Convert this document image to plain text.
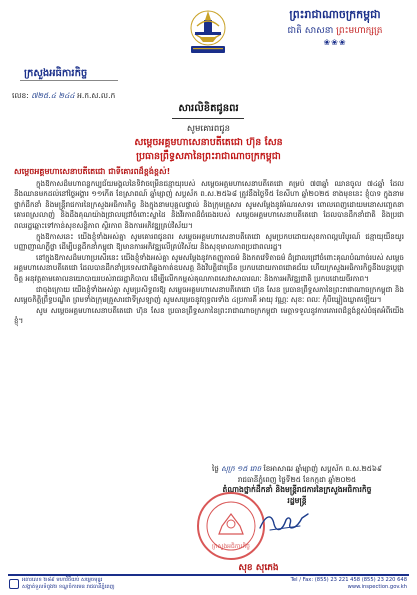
ព្រះរាជាណាចក្រកម្ពុជា
ជាតិ សាសនា ព្រះមហាក្សត្រ
❀❀❀
ក្រសួងអធិការកិច្ច
លេខ: ៧២៥.៤ ២៤៤ អ.ក.ស.ល.ក
សារលិខិតជូនពរ
សូមគោរពជូន
សម្តេចអគ្គមហាសេនាបតីតេជោ ហ៊ុន សែន
ប្រធានព្រឹទ្ធសភានៃព្រះរាជាណាចក្រកម្ពុជា

សម្តេចអគ្គមហាសេនាបតីតេជោ ជាទីគោរពដ៏ខ្ពង់ខ្ពស់!

ក្នុងឱកាសដ៏មហាពន្លកប្បជ័យមង្គលនៃទិវាចម្រើនជន្មាយុរបស់ សម្តេចអគ្គមហាសេនាបតីតេជោ គម្រប់ ៧៣ឆ្នាំ ឈានចូល ៧៤ឆ្នាំ ដែលនឹងឈានមកដល់នៅថ្ងៃអង្គារ ១១កើត ខែស្រាពណ៍ ឆ្នាំម្សាញ់ សប្តស័ក ព.ស.២៥៦៨ ត្រូវនឹងថ្ងៃទី៥ ខែសីហា ឆ្នាំ២០២៥ ខាងមុខនេះ ខ្ញុំបាទ ក្នុងនាមថ្នាក់ដឹកនាំ និងមន្ត្រីរាជការនៃក្រសួងអធិការកិច្ច និងក្នុងនាមបុគ្គលផ្ទាល់ និងក្រុមគ្រួសារ សូមសម្តែងនូវអំណរសាទរ ពោលពេញដោយមនោសញ្ចេតនាគោរពស្រលាញ់ និងដឹងគុណយ៉ាងជ្រាលជ្រៅចំពោះស្នាដៃ និងវីរភាពដ៏ធំធេងរបស់ សម្តេចអគ្គមហាសេនាបតីតេជោ ដែលបានដឹកនាំជាតិ និងប្រជាពលរដ្ឋឆ្ពោះទៅកាន់សុខសន្តិភាព ស្ថិរភាព និងការអភិវឌ្ឍគ្រប់វិស័យ។

ក្នុងឱកាសនេះ យើងខ្ញុំទាំងអស់គ្នា សូមគោរពជូនពរ សម្តេចអគ្គមហាសេនាបតីតេជោ សូមប្រកបដោយសុខភាពល្អបរិបូរណ៍ ជន្មាយុយឺនយូរ បញ្ញាញាណភ្លឺថ្លា ដើម្បីបន្តដឹកនាំកម្ពុជា ឱ្យមានការអភិវឌ្ឍលើគ្រប់វិស័យ និងសុខុមាលភាពប្រជាពលរដ្ឋ។

នៅក្នុងឱកាសដ៏មហាប្រសើរនេះ យើងខ្ញុំទាំងអស់គ្នា សូមសម្តែងនូវកតញ្ញូតាធម៌ និងកតវេទិតាធម៌ ដ៏ជ្រាលជ្រៅចំពោះគុណបំណាច់របស់ សម្តេចអគ្គមហាសេនាបតីតេជោ ដែលបានដឹកនាំប្រទេសជាតិឆ្លងកាត់ឧបសគ្គ និងវិបត្តិជាច្រើន ប្រកបដោយភាពជោគជ័យ ហើយក្រសួងអធិការកិច្ចនឹងបន្តប្តេជ្ញាចិត្ត អនុវត្តតាមគោលនយោបាយរបស់រាជរដ្ឋាភិបាល ដើម្បីលើកកម្ពស់គុណភាពសេវាសាធារណៈ និងការអភិវឌ្ឍជាតិ ប្រកបដោយចីរភាព។

ជាចុងក្រោយ យើងខ្ញុំទាំងអស់គ្នា សូមប្រសិទ្ធពរឱ្យ សម្តេចអគ្គមហាសេនាបតីតេជោ ហ៊ុន សែន ប្រធានព្រឹទ្ធសភានៃព្រះរាជាណាចក្រកម្ពុជា និងសម្តេចកិត្តិព្រឹទ្ធបណ្ឌិត ព្រមទាំងក្រុមគ្រួសារជាទីស្រឡាញ់ សូមសម្រេចនូវពុទ្ធពរទាំង ៤ប្រការគឺ អាយុ វណ្ណៈ សុខៈ ពលៈ កុំបីឃ្លៀងឃ្លាតឡើយ។

សូម សម្តេចអគ្គមហាសេនាបតីតេជោ ហ៊ុន សែន ប្រធានព្រឹទ្ធសភានៃព្រះរាជាណាចក្រកម្ពុជា មេត្តាទទួលនូវការគោរពដ៏ខ្ពង់ខ្ពស់បំផុតអំពីយើងខ្ញុំ។

ថ្ងៃ សុក្រ ១៥ រោច ខែអាសាឍ ឆ្នាំម្សាញ់ សប្តស័ក ព.ស.២៥៦៩
រាជធានីភ្នំពេញ ថ្ងៃទី២៥ ខែកក្កដា ឆ្នាំ២០២៥
តំណាងថ្នាក់ដឹកនាំ និងមន្ត្រីរាជការនៃក្រសួងអធិការកិច្ច
រដ្ឋមន្ត្រី
ក្រសួងអធិការកិច្ច
សុខ សុភេង
អគារលេខ ២៨៩ មហាវិថីយប់ សម្តេចមុន្ធរ
សង្កាត់ទួលទំពូង២ ខណ្ឌចំការមន រាជធានីភ្នំពេញ
Tel / Fax: (855) 23 221 458 (855) 23 220 648
www.inspection.gov.kh
